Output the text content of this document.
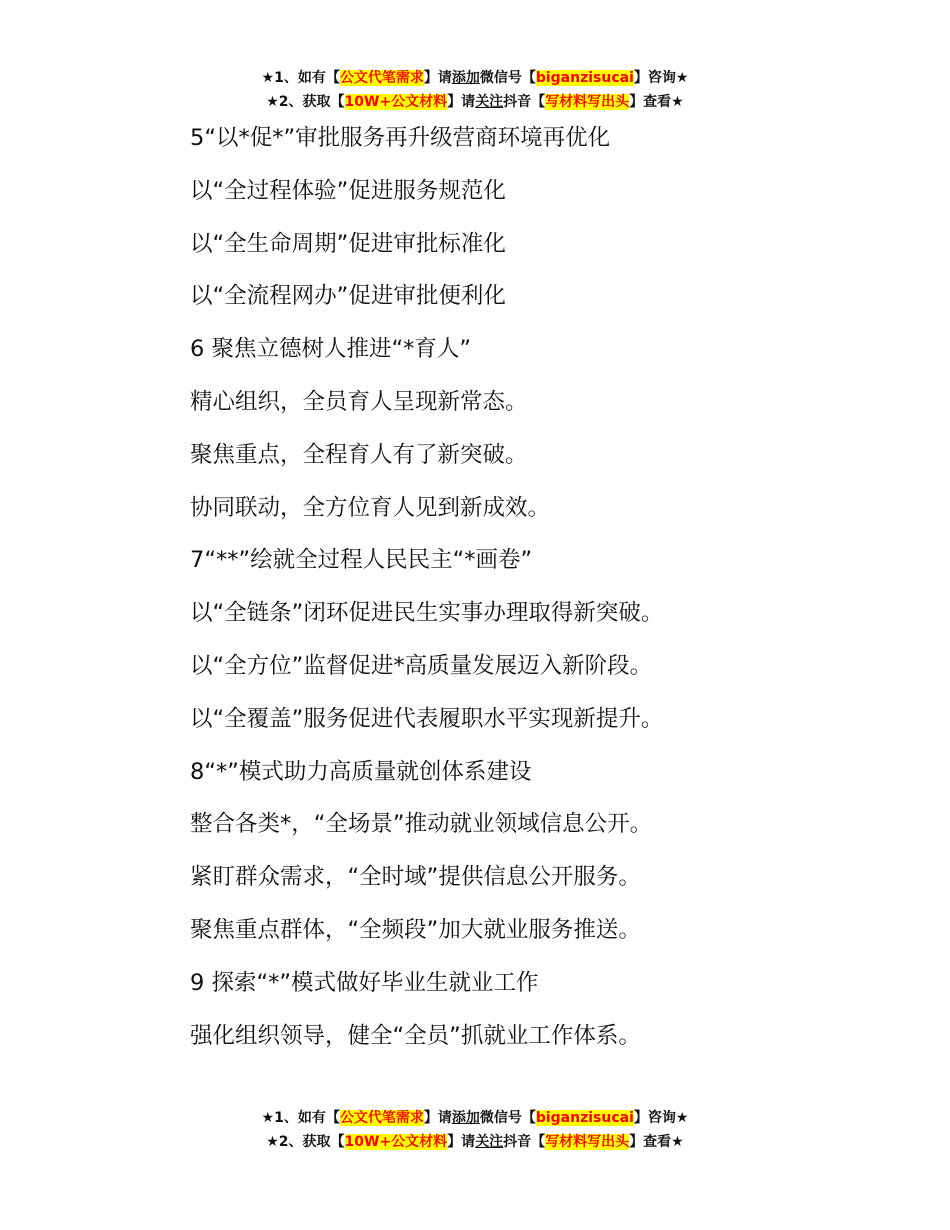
★1、如有【公文代笔需求】请添加微信号【biganzisucai】咨询★
★2、获取【10W+公文材料】请关注抖音【写材料写出头】查看★
5“以*促*”审批服务再升级营商环境再优化
以“全过程体验”促进服务规范化
以“全生命周期”促进审批标准化
以“全流程网办”促进审批便利化
6 聚焦立德树人推进“*育人”
精心组织，全员育人呈现新常态。
聚焦重点，全程育人有了新突破。
协同联动，全方位育人见到新成效。
7“**”绘就全过程人民民主“*画卷”
以“全链条”闭环促进民生实事办理取得新突破。
以“全方位”监督促进*高质量发展迈入新阶段。
以“全覆盖”服务促进代表履职水平实现新提升。
8“*”模式助力高质量就创体系建设
整合各类*，“全场景”推动就业领域信息公开。
紧盯群众需求，“全时域”提供信息公开服务。
聚焦重点群体，“全频段”加大就业服务推送。
9 探索“*”模式做好毕业生就业工作
强化组织领导，健全“全员”抓就业工作体系。
★1、如有【公文代笔需求】请添加微信号【biganzisucai】咨询★
★2、获取【10W+公文材料】请关注抖音【写材料写出头】查看★
